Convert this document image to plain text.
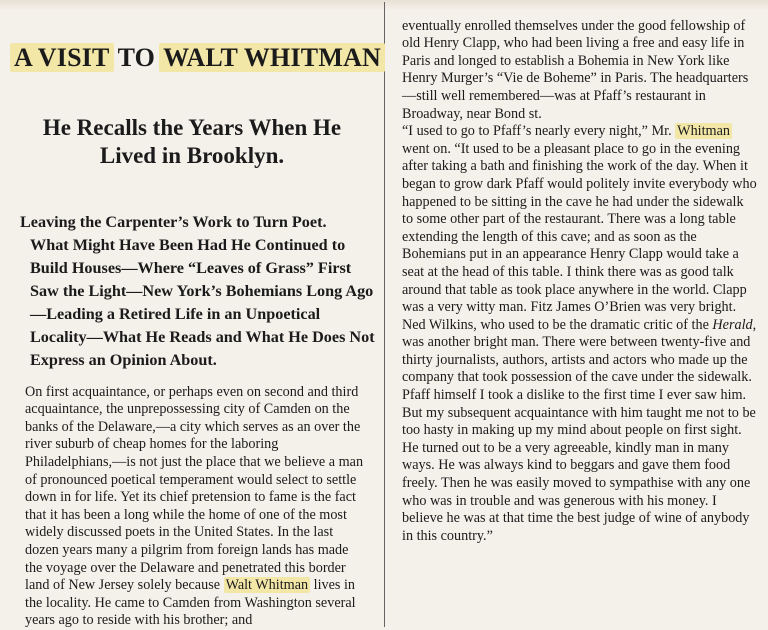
A VISIT TO WALT WHITMAN
He Recalls the Years When He Lived in Brooklyn.
Leaving the Carpenter’s Work to Turn Poet.
What Might Have Been Had He Continued to Build Houses—Where “Leaves of Grass” First Saw the Light—New York’s Bohemians Long Ago—Leading a Retired Life in an Unpoetical Locality—What He Reads and What He Does Not Express an Opinion About.

On first acquaintance, or perhaps even on second and third acquaintance, the unprepossessing city of Camden on the banks of the Delaware,—a city which serves as an over the river suburb of cheap homes for the laboring Philadelphians,—is not just the place that we believe a man of pronounced poetical temperament would select to settle down in for life. Yet its chief pretension to fame is the fact that it has been a long while the home of one of the most widely discussed poets in the United States. In the last dozen years many a pilgrim from foreign lands has made the voyage over the Delaware and penetrated this border land of New Jersey solely because Walt Whitman lives in the locality. He came to Camden from Washington several years ago to reside with his brother; and

eventually enrolled themselves under the good fellowship of old Henry Clapp, who had been living a free and easy life in Paris and longed to establish a Bohemia in New York like Henry Murger’s “Vie de Boheme” in Paris. The headquarters—still well remembered—was at Pfaff’s restaurant in Broadway, near Bond st.
“I used to go to Pfaff’s nearly every night,” Mr. Whitman went on. “It used to be a pleasant place to go in the evening after taking a bath and finishing the work of the day. When it began to grow dark Pfaff would politely invite everybody who happened to be sitting in the cave he had under the sidewalk to some other part of the restaurant. There was a long table extending the length of this cave; and as soon as the Bohemians put in an appearance Henry Clapp would take a seat at the head of this table. I think there was as good talk around that table as took place anywhere in the world. Clapp was a very witty man. Fitz James O’Brien was very bright. Ned Wilkins, who used to be the dramatic critic of the Herald, was another bright man. There were between twenty-five and thirty journalists, authors, artists and actors who made up the company that took possession of the cave under the sidewalk. Pfaff himself I took a dislike to the first time I ever saw him. But my subsequent acquaintance with him taught me not to be too hasty in making up my mind about people on first sight. He turned out to be a very agreeable, kindly man in many ways. He was always kind to beggars and gave them food freely. Then he was easily moved to sympathise with any one who was in trouble and was generous with his money. I believe he was at that time the best judge of wine of anybody in this country.”
